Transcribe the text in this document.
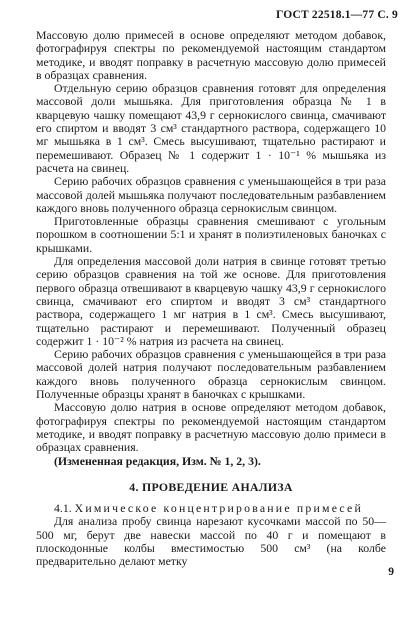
ГОСТ 22518.1—77 С. 9

Массовую долю примесей в основе определяют методом добавок, фотографируя спектры по рекомендуемой настоящим стандартом методике, и вводят поправку в расчетную массовую долю примесей в образцах сравнения.

Отдельную серию образцов сравнения готовят для определения массовой доли мышьяка. Для приготовления образца № 1 в кварцевую чашку помещают 43,9 г сернокислого свинца, смачивают его спиртом и вводят 3 см³ стандартного раствора, содержащего 10 мг мышьяка в 1 см³. Смесь высушивают, тщательно растирают и перемешивают. Образец № 1 содержит 1 · 10⁻¹ % мышьяка из расчета на свинец.

Серию рабочих образцов сравнения с уменьшающейся в три раза массовой долей мышьяка получают последовательным разбавлением каждого вновь полученного образца сернокислым свинцом.

Приготовленные образцы сравнения смешивают с угольным порошком в соотношении 5:1 и хранят в полиэтиленовых баночках с крышками.

Для определения массовой доли натрия в свинце готовят третью серию образцов сравнения на той же основе. Для приготовления первого образца отвешивают в кварцевую чашку 43,9 г сернокислого свинца, смачивают его спиртом и вводят 3 см³ стандартного раствора, содержащего 1 мг натрия в 1 см³. Смесь высушивают, тщательно растирают и перемешивают. Полученный образец содержит 1 · 10⁻² % натрия из расчета на свинец.

Серию рабочих образцов сравнения с уменьшающейся в три раза массовой долей натрия получают последовательным разбавлением каждого вновь полученного образца сернокислым свинцом. Полученные образцы хранят в баночках с крышками.

Массовую долю натрия в основе определяют методом добавок, фотографируя спектры по рекомендуемой настоящим стандартом методике, и вводят поправку в расчетную массовую долю примеси в образцах сравнения.

(Измененная редакция, Изм. № 1, 2, 3).

4. ПРОВЕДЕНИЕ АНАЛИЗА

4.1. Химическое концентрирование примесей

Для анализа пробу свинца нарезают кусочками массой по 50—500 мг, берут две навески массой по 40 г и помещают в плоскодонные колбы вместимостью 500 см³ (на колбе предварительно делают метку

9
